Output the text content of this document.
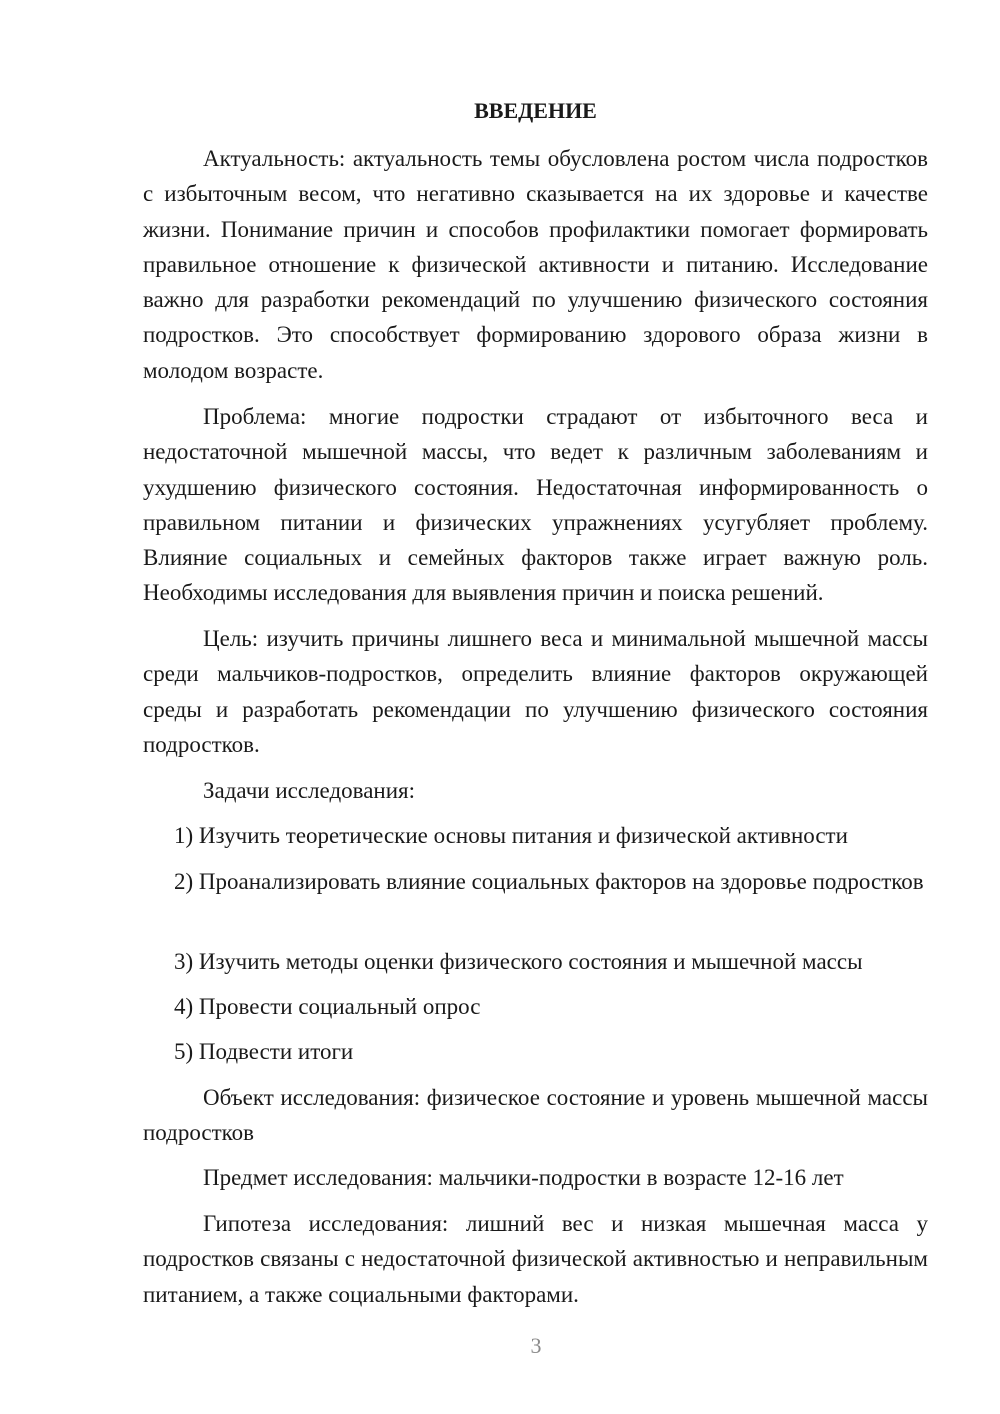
ВВЕДЕНИЕ

Актуальность: актуальность темы обусловлена ростом числа подростков с избыточным весом, что негативно сказывается на их здоровье и качестве жизни. Понимание причин и способов профилактики помогает формировать правильное отношение к физической активности и питанию. Исследование важно для разработки рекомендаций по улучшению физического состояния подростков. Это способствует формированию здорового образа жизни в молодом возрасте.

Проблема: многие подростки страдают от избыточного веса и недостаточной мышечной массы, что ведет к различным заболеваниям и ухудшению физического состояния. Недостаточная информированность о правильном питании и физических упражнениях усугубляет проблему. Влияние социальных и семейных факторов также играет важную роль. Необходимы исследования для выявления причин и поиска решений.

Цель: изучить причины лишнего веса и минимальной мышечной массы среди мальчиков-подростков, определить влияние факторов окружающей среды и разработать рекомендации по улучшению физического состояния подростков.

Задачи исследования:

1) Изучить теоретические основы питания и физической активности

2) Проанализировать влияние социальных факторов на здоровье подростков

3) Изучить методы оценки физического состояния и мышечной массы

4) Провести социальный опрос

5) Подвести итоги

Объект исследования: физическое состояние и уровень мышечной массы подростков

Предмет исследования: мальчики-подростки в возрасте 12-16 лет

Гипотеза исследования: лишний вес и низкая мышечная масса у подростков связаны с недостаточной физической активностью и неправильным питанием, а также социальными факторами.

3
